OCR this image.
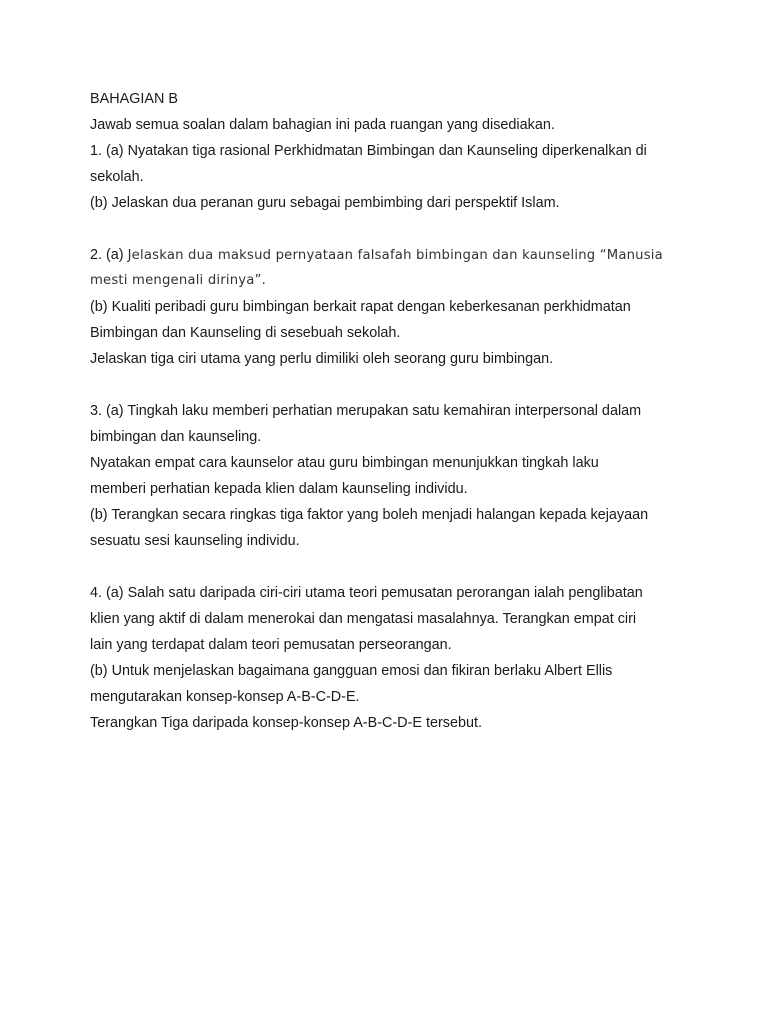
BAHAGIAN B
Jawab semua soalan dalam bahagian ini pada ruangan yang disediakan.
1. (a) Nyatakan tiga rasional Perkhidmatan Bimbingan dan Kaunseling diperkenalkan di
sekolah.
(b) Jelaskan dua peranan guru sebagai pembimbing dari perspektif Islam.
2. (a) Jelaskan dua maksud pernyataan falsafah bimbingan dan kaunseling “Manusia
mesti mengenali dirinya”.
(b) Kualiti peribadi guru bimbingan berkait rapat dengan keberkesanan perkhidmatan
Bimbingan dan Kaunseling di sesebuah sekolah.
Jelaskan tiga ciri utama yang perlu dimiliki oleh seorang guru bimbingan.
3. (a) Tingkah laku memberi perhatian merupakan satu kemahiran interpersonal dalam
bimbingan dan kaunseling.
Nyatakan empat cara kaunselor atau guru bimbingan menunjukkan tingkah laku
memberi perhatian kepada klien dalam kaunseling individu.
(b) Terangkan secara ringkas tiga faktor yang boleh menjadi halangan kepada kejayaan
sesuatu sesi kaunseling individu.
4. (a) Salah satu daripada ciri-ciri utama teori pemusatan perorangan ialah penglibatan
klien yang aktif di dalam menerokai dan mengatasi masalahnya. Terangkan empat ciri
lain yang terdapat dalam teori pemusatan perseorangan.
(b) Untuk menjelaskan bagaimana gangguan emosi dan fikiran berlaku Albert Ellis
mengutarakan konsep-konsep A-B-C-D-E.
Terangkan Tiga daripada konsep-konsep A-B-C-D-E tersebut.
